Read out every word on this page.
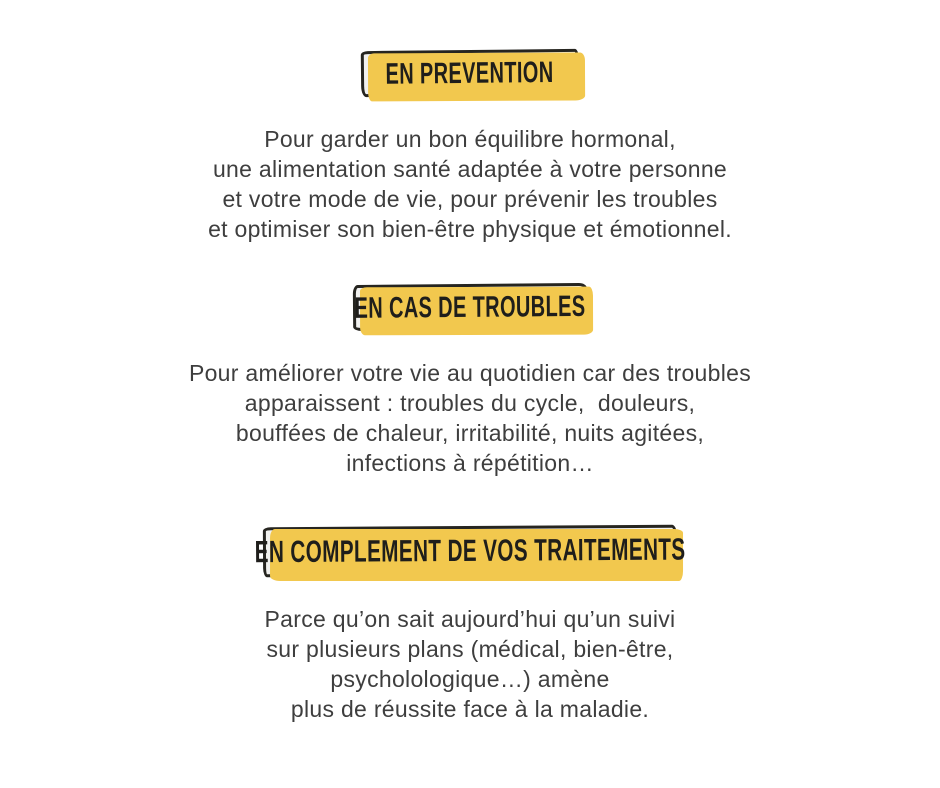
EN PREVENTION

Pour garder un bon équilibre hormonal,
une alimentation santé adaptée à votre personne
et votre mode de vie, pour prévenir les troubles
et optimiser son bien-être physique et émotionnel.

EN CAS DE TROUBLES

Pour améliorer votre vie au quotidien car des troubles
apparaissent : troubles du cycle,  douleurs,
bouffées de chaleur, irritabilité, nuits agitées,
infections à répétition…

EN COMPLEMENT DE VOS TRAITEMENTS

Parce qu’on sait aujourd’hui qu’un suivi
sur plusieurs plans (médical, bien-être,
psycholologique…) amène
plus de réussite face à la maladie.
